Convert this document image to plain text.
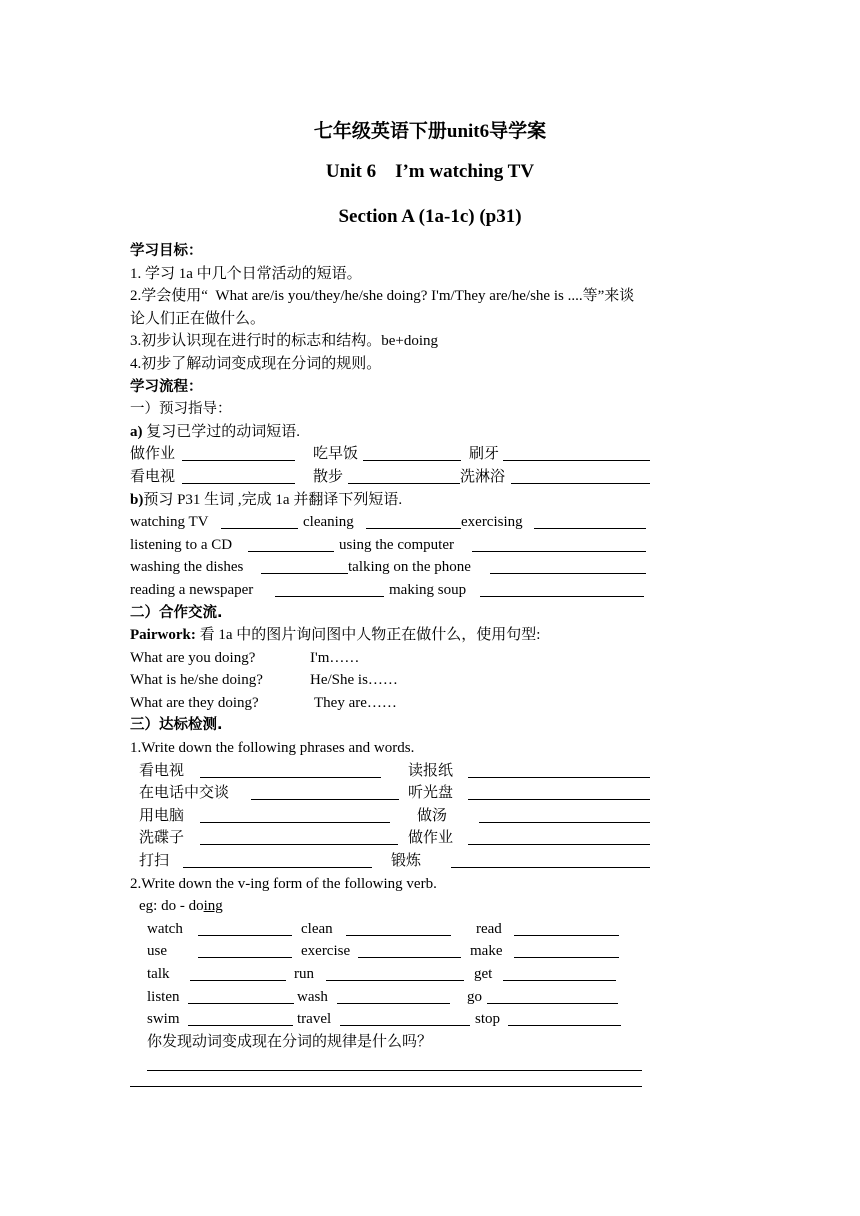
七年级英语下册unit6导学案
Unit 6    I’m watching TV
Section A (1a-1c) (p31)
学习目标：
1. 学习 1a 中几个日常活动的短语。
2.学会使用“  What are/is you/they/he/she doing? I'm/They are/he/she is ....等”来谈
论人们正在做什么。
3.初步认识现在进行时的标志和结构。be+doing
4.初步了解动词变成现在分词的规则。
学习流程：
一）预习指导：
a) 复习已学过的动词短语.
做作业	吃早饭	刷牙
看电视	散步	洗淋浴
b)预习 P31 生词 ,完成 1a 并翻译下列短语.
watching TV	cleaning	exercising
listening to a CD	using the computer
washing the dishes	talking on the phone
reading a newspaper	making soup
二）合作交流.
Pairwork: 看 1a 中的图片询问图中人物正在做什么，使用句型:
What are you doing?	I'm……
What is he/she doing?	He/She is……
What are they doing?	They are……
三）达标检测.
1.Write down the following phrases and words.
看电视	读报纸
在电话中交谈	听光盘
用电脑	做汤
洗碟子	做作业
打扫	锻炼
2.Write down the v-ing form of the following verb.
eg: do - doing
watch	clean	read
use	exercise	make
talk	run	get
listen	wash	go
swim	travel	stop
你发现动词变成现在分词的规律是什么吗？
